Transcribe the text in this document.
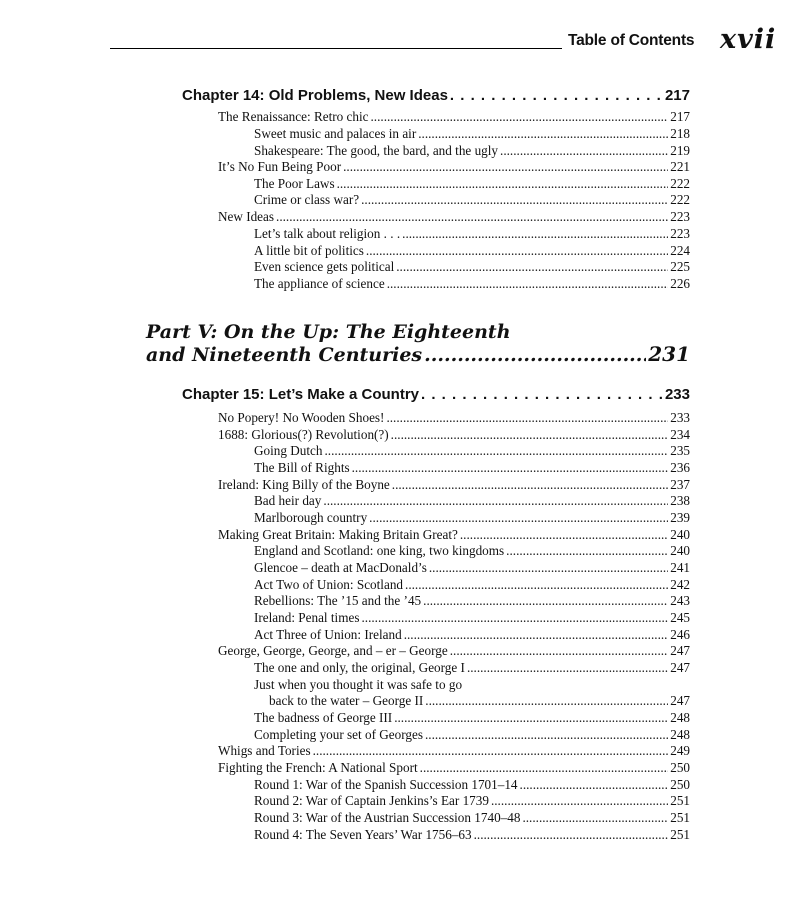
Table of Contents xvii
Chapter 14: Old Problems, New Ideas . . .	217
The Renaissance: Retro chic .....	217
Sweet music and palaces in air .....	218
Shakespeare: The good, the bard, and the ugly .....	219
It’s No Fun Being Poor .....	221
The Poor Laws .....	222
Crime or class war? .....	222
New Ideas .....	223
Let’s talk about religion . . . .....	223
A little bit of politics .....	224
Even science gets political .....	225
The appliance of science .....	226
Part V: On the Up: The Eighteenth
and Nineteenth Centuries .....	231
Chapter 15: Let’s Make a Country . . .	233
No Popery! No Wooden Shoes! .....	233
1688: Glorious(?) Revolution(?) .....	234
Going Dutch .....	235
The Bill of Rights .....	236
Ireland: King Billy of the Boyne .....	237
Bad heir day .....	238
Marlborough country .....	239
Making Great Britain: Making Britain Great? .....	240
England and Scotland: one king, two kingdoms .....	240
Glencoe – death at MacDonald’s .....	241
Act Two of Union: Scotland .....	242
Rebellions: The ’15 and the ’45 .....	243
Ireland: Penal times .....	245
Act Three of Union: Ireland .....	246
George, George, George, and – er – George .....	247
The one and only, the original, George I .....	247
Just when you thought it was safe to go
back to the water – George II .....	247
The badness of George III .....	248
Completing your set of Georges .....	248
Whigs and Tories .....	249
Fighting the French: A National Sport .....	250
Round 1: War of the Spanish Succession 1701–14 .....	250
Round 2: War of Captain Jenkins’s Ear 1739 .....	251
Round 3: War of the Austrian Succession 1740–48 .....	251
Round 4: The Seven Years’ War 1756–63 .....	251
